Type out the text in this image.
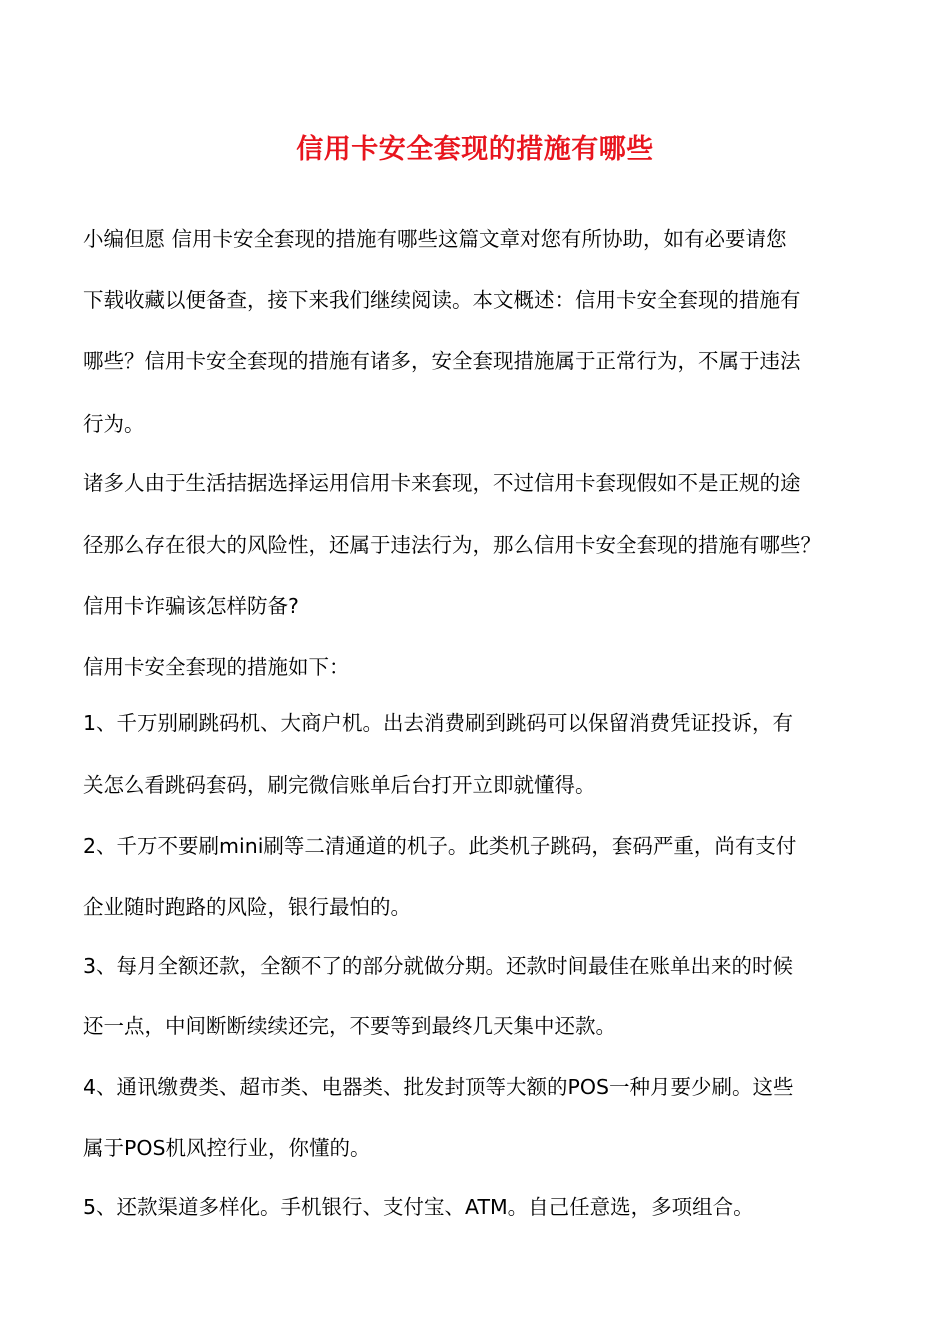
信用卡安全套现的措施有哪些
小编但愿 信用卡安全套现的措施有哪些这篇文章对您有所协助，如有必要请您
下载收藏以便备查，接下来我们继续阅读。本文概述：信用卡安全套现的措施有
哪些？信用卡安全套现的措施有诸多，安全套现措施属于正常行为，不属于违法
行为。
诸多人由于生活拮据选择运用信用卡来套现，不过信用卡套现假如不是正规的途
径那么存在很大的风险性，还属于违法行为，那么信用卡安全套现的措施有哪些？
信用卡诈骗该怎样防备?
信用卡安全套现的措施如下：
1、千万别刷跳码机、大商户机。出去消费刷到跳码可以保留消费凭证投诉，有
关怎么看跳码套码，刷完微信账单后台打开立即就懂得。
2、千万不要刷mini刷等二清通道的机子。此类机子跳码，套码严重，尚有支付
企业随时跑路的风险，银行最怕的。
3、每月全额还款，全额不了的部分就做分期。还款时间最佳在账单出来的时候
还一点，中间断断续续还完，不要等到最终几天集中还款。
4、通讯缴费类、超市类、电器类、批发封顶等大额的POS一种月要少刷。这些
属于POS机风控行业，你懂的。
5、还款渠道多样化。手机银行、支付宝、ATM。自己任意选，多项组合。
